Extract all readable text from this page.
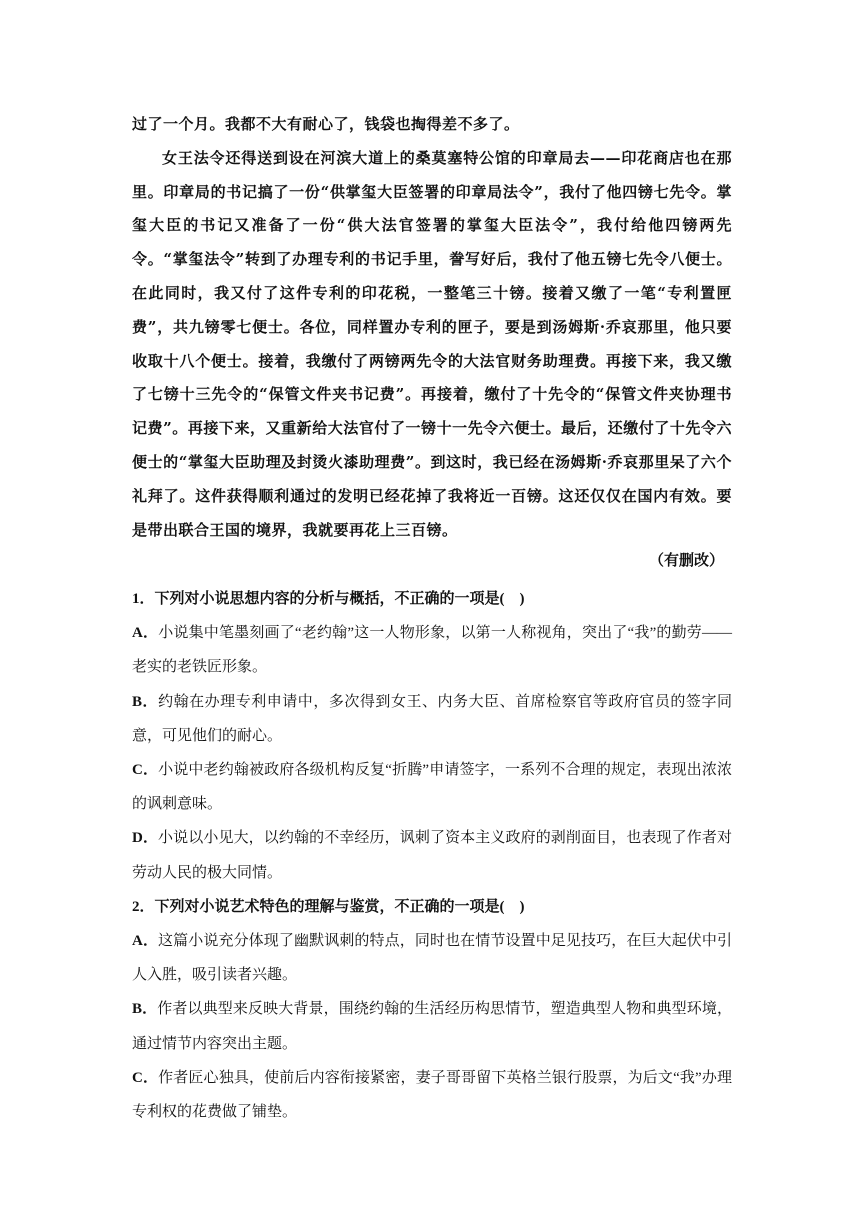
过了一个月。我都不大有耐心了，钱袋也掏得差不多了。

女王法令还得送到设在河滨大道上的桑莫塞特公馆的印章局去——印花商店也在那里。印章局的书记搞了一份“供掌玺大臣签署的印章局法令”，我付了他四镑七先令。掌玺大臣的书记又准备了一份“供大法官签署的掌玺大臣法令”，我付给他四镑两先令。“掌玺法令”转到了办理专利的书记手里，誊写好后，我付了他五镑七先令八便士。在此同时，我又付了这件专利的印花税，一整笔三十镑。接着又缴了一笔“专利置匣费”，共九镑零七便士。各位，同样置办专利的匣子，要是到汤姆斯·乔哀那里，他只要收取十八个便士。接着，我缴付了两镑两先令的大法官财务助理费。再接下来，我又缴了七镑十三先令的“保管文件夹书记费”。再接着，缴付了十先令的“保管文件夹协理书记费”。再接下来，又重新给大法官付了一镑十一先令六便士。最后，还缴付了十先令六便士的“掌玺大臣助理及封烫火漆助理费”。到这时，我已经在汤姆斯·乔哀那里呆了六个礼拜了。这件获得顺利通过的发明已经花掉了我将近一百镑。这还仅仅在国内有效。要是带出联合王国的境界，我就要再花上三百镑。

（有删改）

1．下列对小说思想内容的分析与概括，不正确的一项是(　)

A．小说集中笔墨刻画了“老约翰”这一人物形象，以第一人称视角，突出了“我”的勤劳——老实的老铁匠形象。

B．约翰在办理专利申请中，多次得到女王、内务大臣、首席检察官等政府官员的签字同意，可见他们的耐心。

C．小说中老约翰被政府各级机构反复“折腾”申请签字，一系列不合理的规定，表现出浓浓的讽刺意味。

D．小说以小见大，以约翰的不幸经历，讽刺了资本主义政府的剥削面目，也表现了作者对劳动人民的极大同情。

2．下列对小说艺术特色的理解与鉴赏，不正确的一项是(　)

A．这篇小说充分体现了幽默讽刺的特点，同时也在情节设置中足见技巧，在巨大起伏中引人入胜，吸引读者兴趣。

B．作者以典型来反映大背景，围绕约翰的生活经历构思情节，塑造典型人物和典型环境，通过情节内容突出主题。

C．作者匠心独具，使前后内容衔接紧密，妻子哥哥留下英格兰银行股票，为后文“我”办理专利权的花费做了铺垫。
